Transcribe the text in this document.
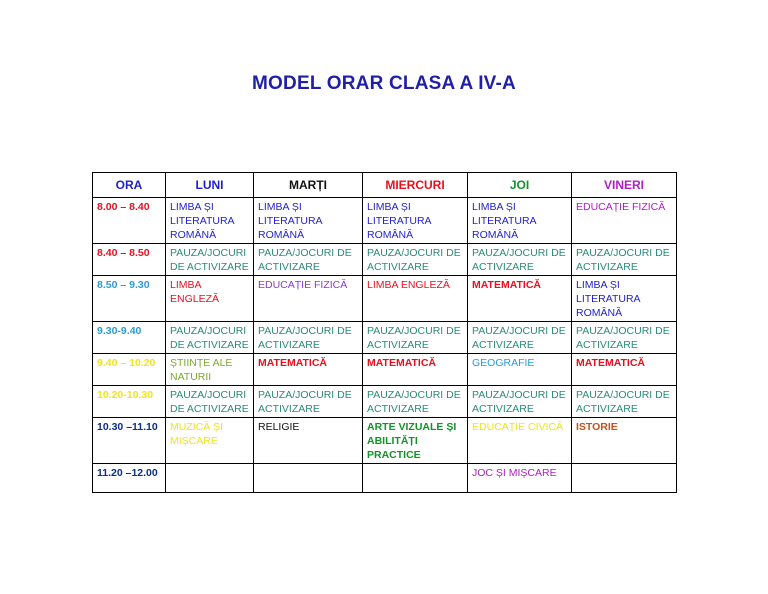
MODEL ORAR CLASA A IV-A
ORA	LUNI	MARȚI	MIERCURI	JOI	VINERI
8.00 – 8.40	LIMBA ȘI LITERATURA ROMÂNĂ	LIMBA ȘI LITERATURA ROMÂNĂ	LIMBA ȘI LITERATURA ROMÂNĂ	LIMBA ȘI LITERATURA ROMÂNĂ	EDUCAȚIE FIZICĂ
8.40 – 8.50	PAUZA/JOCURI DE ACTIVIZARE	PAUZA/JOCURI DE ACTIVIZARE	PAUZA/JOCURI DE ACTIVIZARE	PAUZA/JOCURI DE ACTIVIZARE	PAUZA/JOCURI DE ACTIVIZARE
8.50 – 9.30	LIMBA ENGLEZĂ	EDUCAȚIE FIZICĂ	LIMBA ENGLEZĂ	MATEMATICĂ	LIMBA ȘI LITERATURA ROMÂNĂ
9.30-9.40	PAUZA/JOCURI DE ACTIVIZARE	PAUZA/JOCURI DE ACTIVIZARE	PAUZA/JOCURI DE ACTIVIZARE	PAUZA/JOCURI DE ACTIVIZARE	PAUZA/JOCURI DE ACTIVIZARE
9.40 – 10.20	ȘTIINȚE ALE NATURII	MATEMATICĂ	MATEMATICĂ	GEOGRAFIE	MATEMATICĂ
10.20-10.30	PAUZA/JOCURI DE ACTIVIZARE	PAUZA/JOCURI DE ACTIVIZARE	PAUZA/JOCURI DE ACTIVIZARE	PAUZA/JOCURI DE ACTIVIZARE	PAUZA/JOCURI DE ACTIVIZARE
10.30 –11.10	MUZICĂ ȘI MIȘCARE	RELIGIE	ARTE VIZUALE ȘI ABILITĂȚI PRACTICE	EDUCAȚIE CIVICĂ	ISTORIE
11.20 –12.00				JOC ȘI MIȘCARE	
